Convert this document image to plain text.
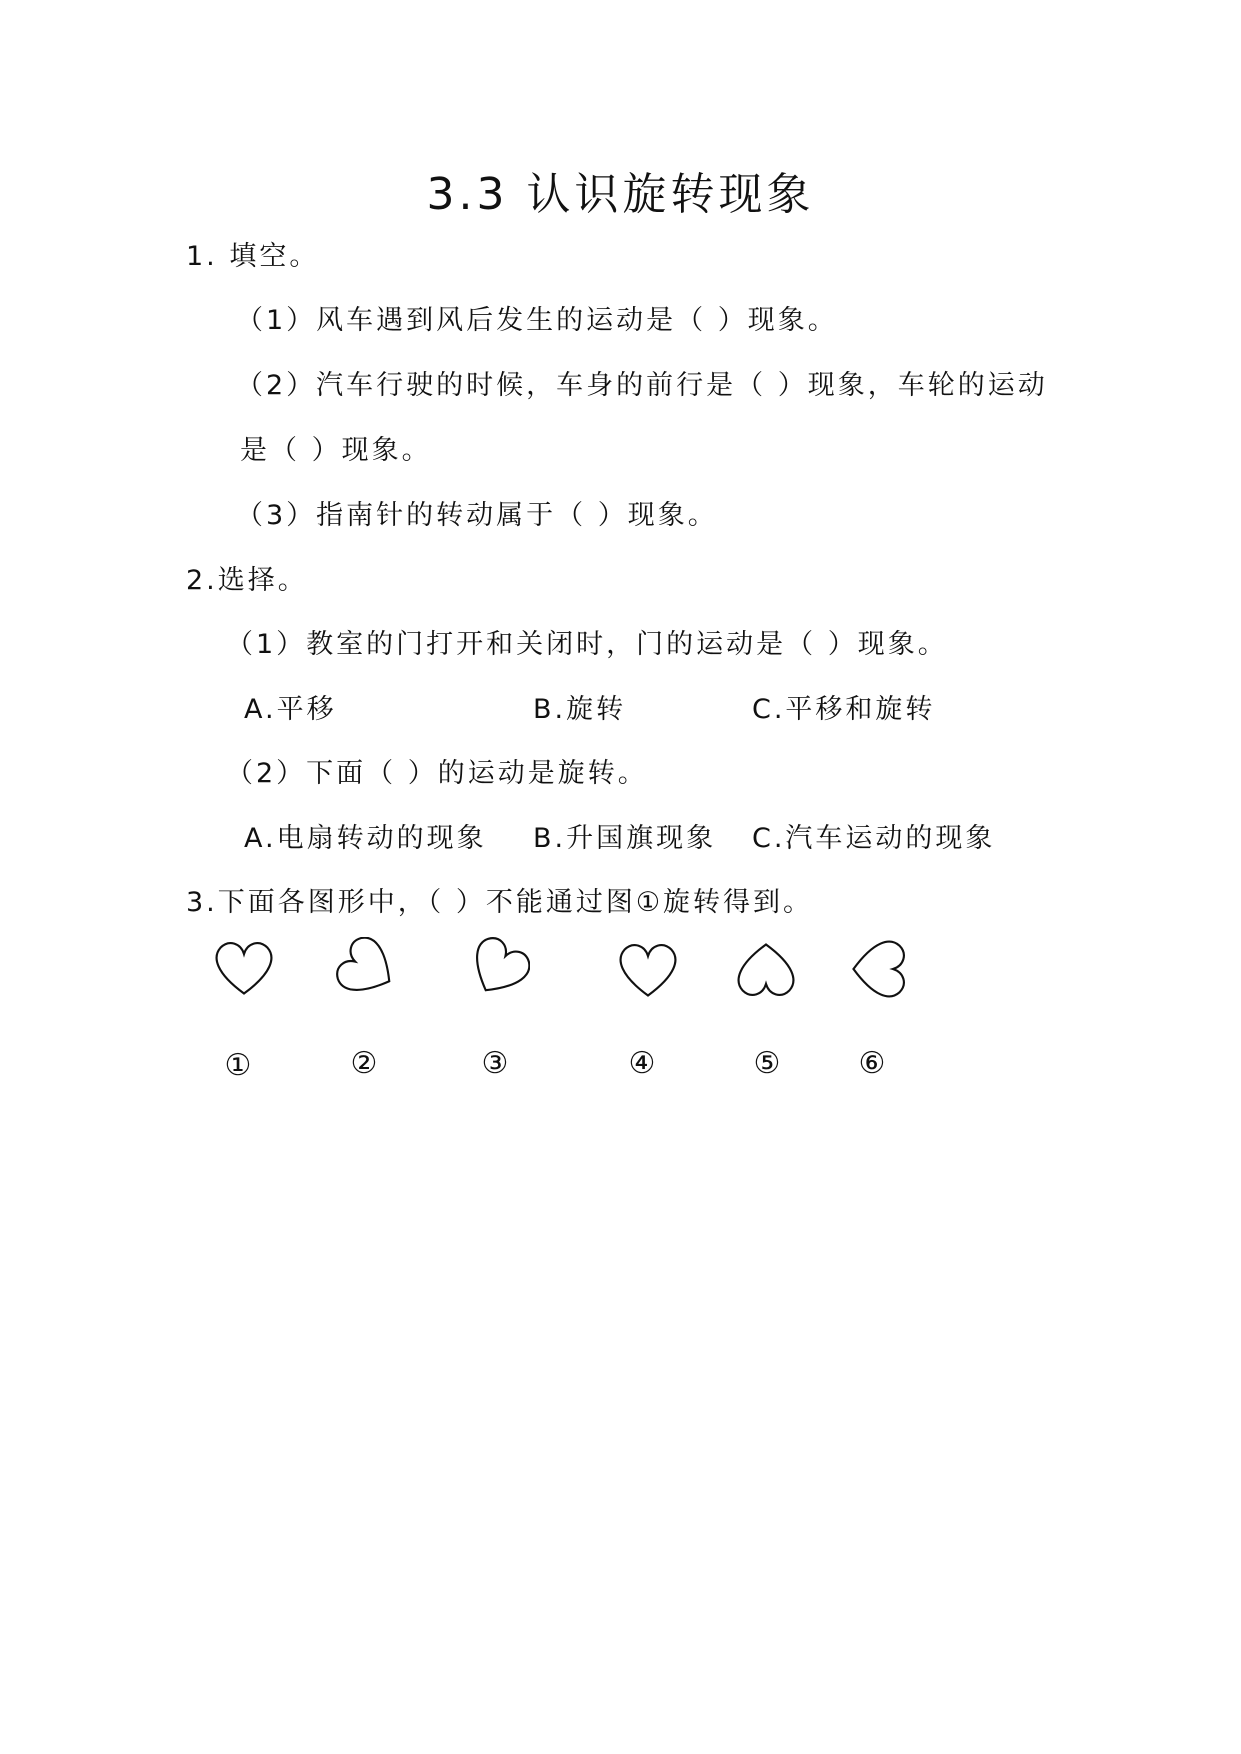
3.3 认识旋转现象
1. 填空。
（1）风车遇到风后发生的运动是（ ）现象。
（2）汽车行驶的时候，车身的前行是（ ）现象，车轮的运动
是（ ）现象。
（3）指南针的转动属于（ ）现象。
2.选择。
（1）教室的门打开和关闭时，门的运动是（ ）现象。
A.平移	B.旋转	C.平移和旋转
（2）下面（ ）的运动是旋转。
A.电扇转动的现象 B.升国旗现象 C.汽车运动的现象
3.下面各图形中，（ ）不能通过图①旋转得到。
①	②	③	④	⑤	⑥
